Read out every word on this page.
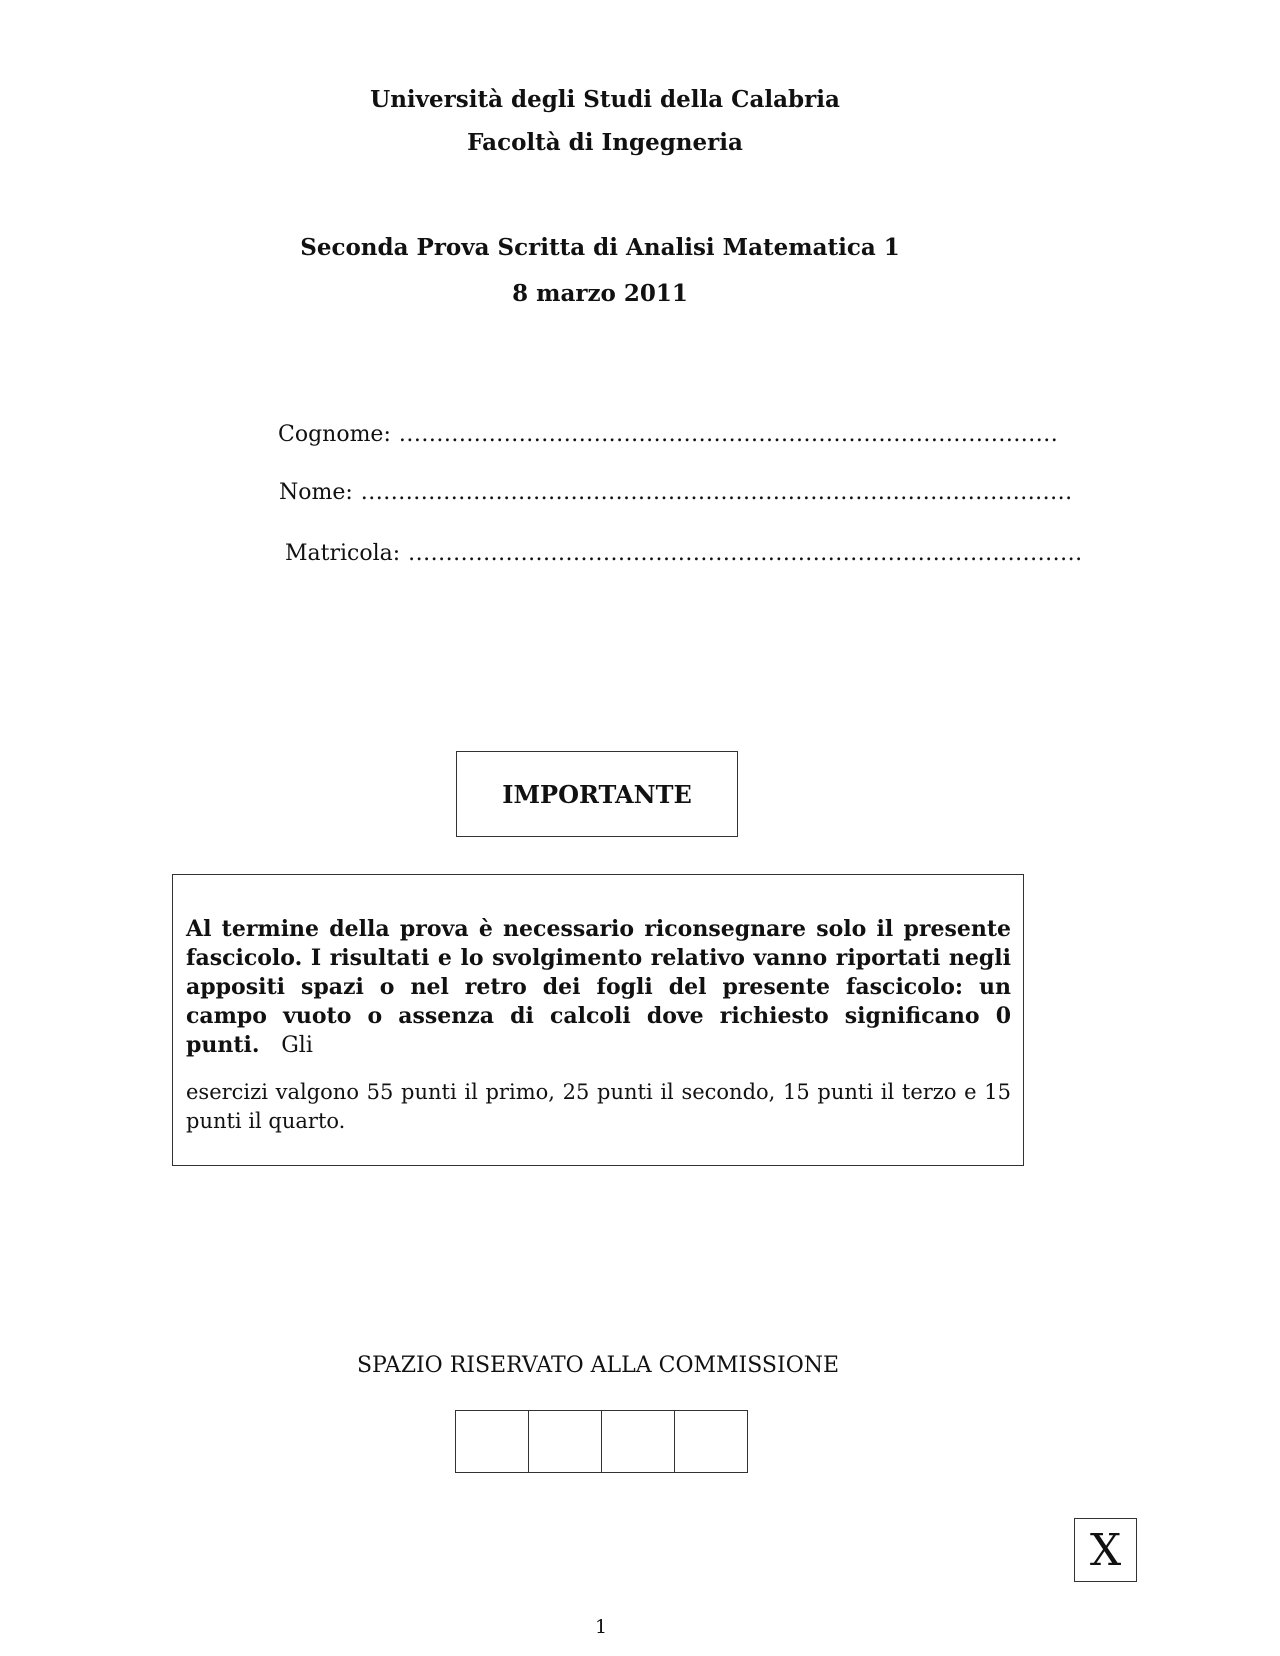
Università degli Studi della Calabria
Facoltà di Ingegneria
Seconda Prova Scritta di Analisi Matematica 1
8 marzo 2011
Cognome: ........................................................................................
Nome: ...............................................................................................
Matricola: ..........................................................................................
IMPORTANTE

Al termine della prova è necessario riconsegnare solo il presente fascicolo. I risultati e lo svolgimento relativo vanno riportati negli appositi spazi o nel retro dei fogli del presente fascicolo: un campo vuoto o assenza di calcoli dove richiesto significano 0 punti. Gli

esercizi valgono 55 punti il primo, 25 punti il secondo, 15 punti il terzo e 15 punti il quarto.

SPAZIO RISERVATO ALLA COMMISSIONE
X
1
